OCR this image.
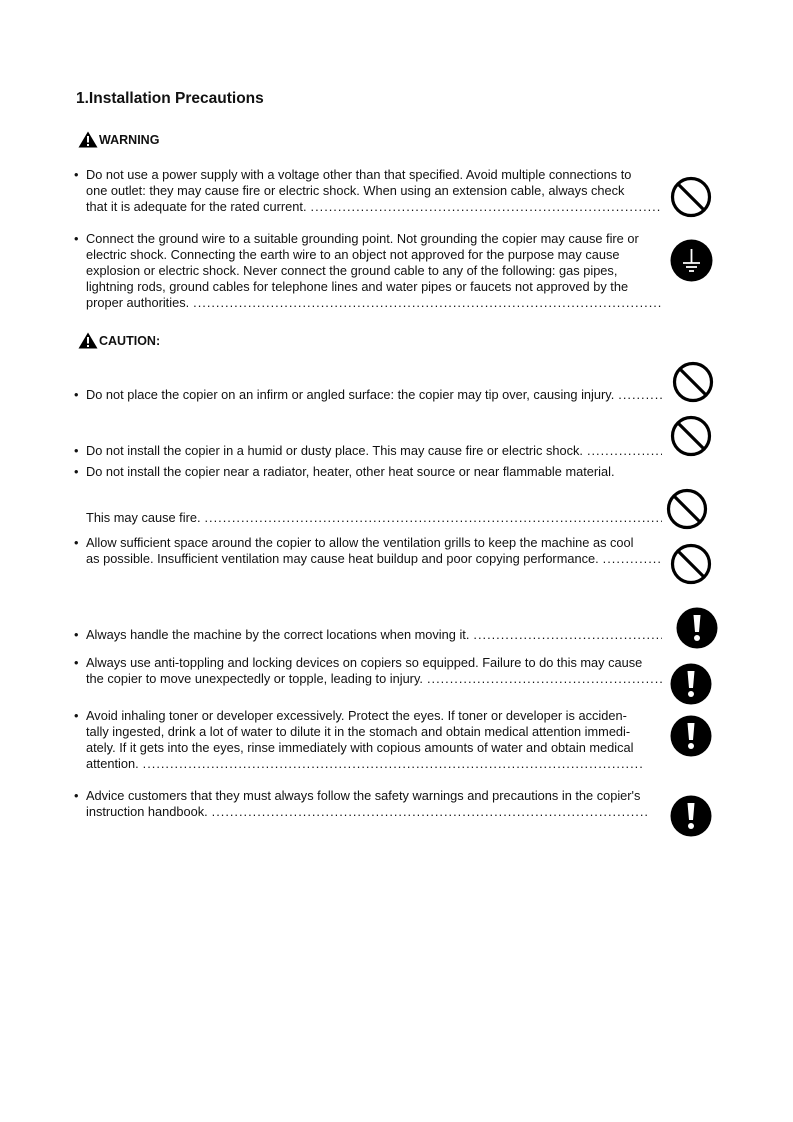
1.Installation Precautions
WARNING
• Do not use a power supply with a voltage other than that specified. Avoid multiple connections to
one outlet: they may cause fire or electric shock. When using an extension cable, always check
that it is adequate for the rated current. .....
• Connect the ground wire to a suitable grounding point. Not grounding the copier may cause fire or
electric shock. Connecting the earth wire to an object not approved for the purpose may cause
explosion or electric shock. Never connect the ground cable to any of the following: gas pipes,
lightning rods, ground cables for telephone lines and water pipes or faucets not approved by the
proper authorities. .....
CAUTION:
• Do not place the copier on an infirm or angled surface: the copier may tip over, causing injury. .....
• Do not install the copier in a humid or dusty place. This may cause fire or electric shock. .....
• Do not install the copier near a radiator, heater, other heat source or near flammable material.
This may cause fire. .....
• Allow sufficient space around the copier to allow the ventilation grills to keep the machine as cool
as possible. Insufficient ventilation may cause heat buildup and poor copying performance. .....
• Always handle the machine by the correct locations when moving it. .....
• Always use anti-toppling and locking devices on copiers so equipped. Failure to do this may cause
the copier to move unexpectedly or topple, leading to injury. .....
• Avoid inhaling toner or developer excessively. Protect the eyes. If toner or developer is acciden-
tally ingested, drink a lot of water to dilute it in the stomach and obtain medical attention immedi-
ately. If it gets into the eyes, rinse immediately with copious amounts of water and obtain medical
attention. .....
• Advice customers that they must always follow the safety warnings and precautions in the copier's
instruction handbook. .....
